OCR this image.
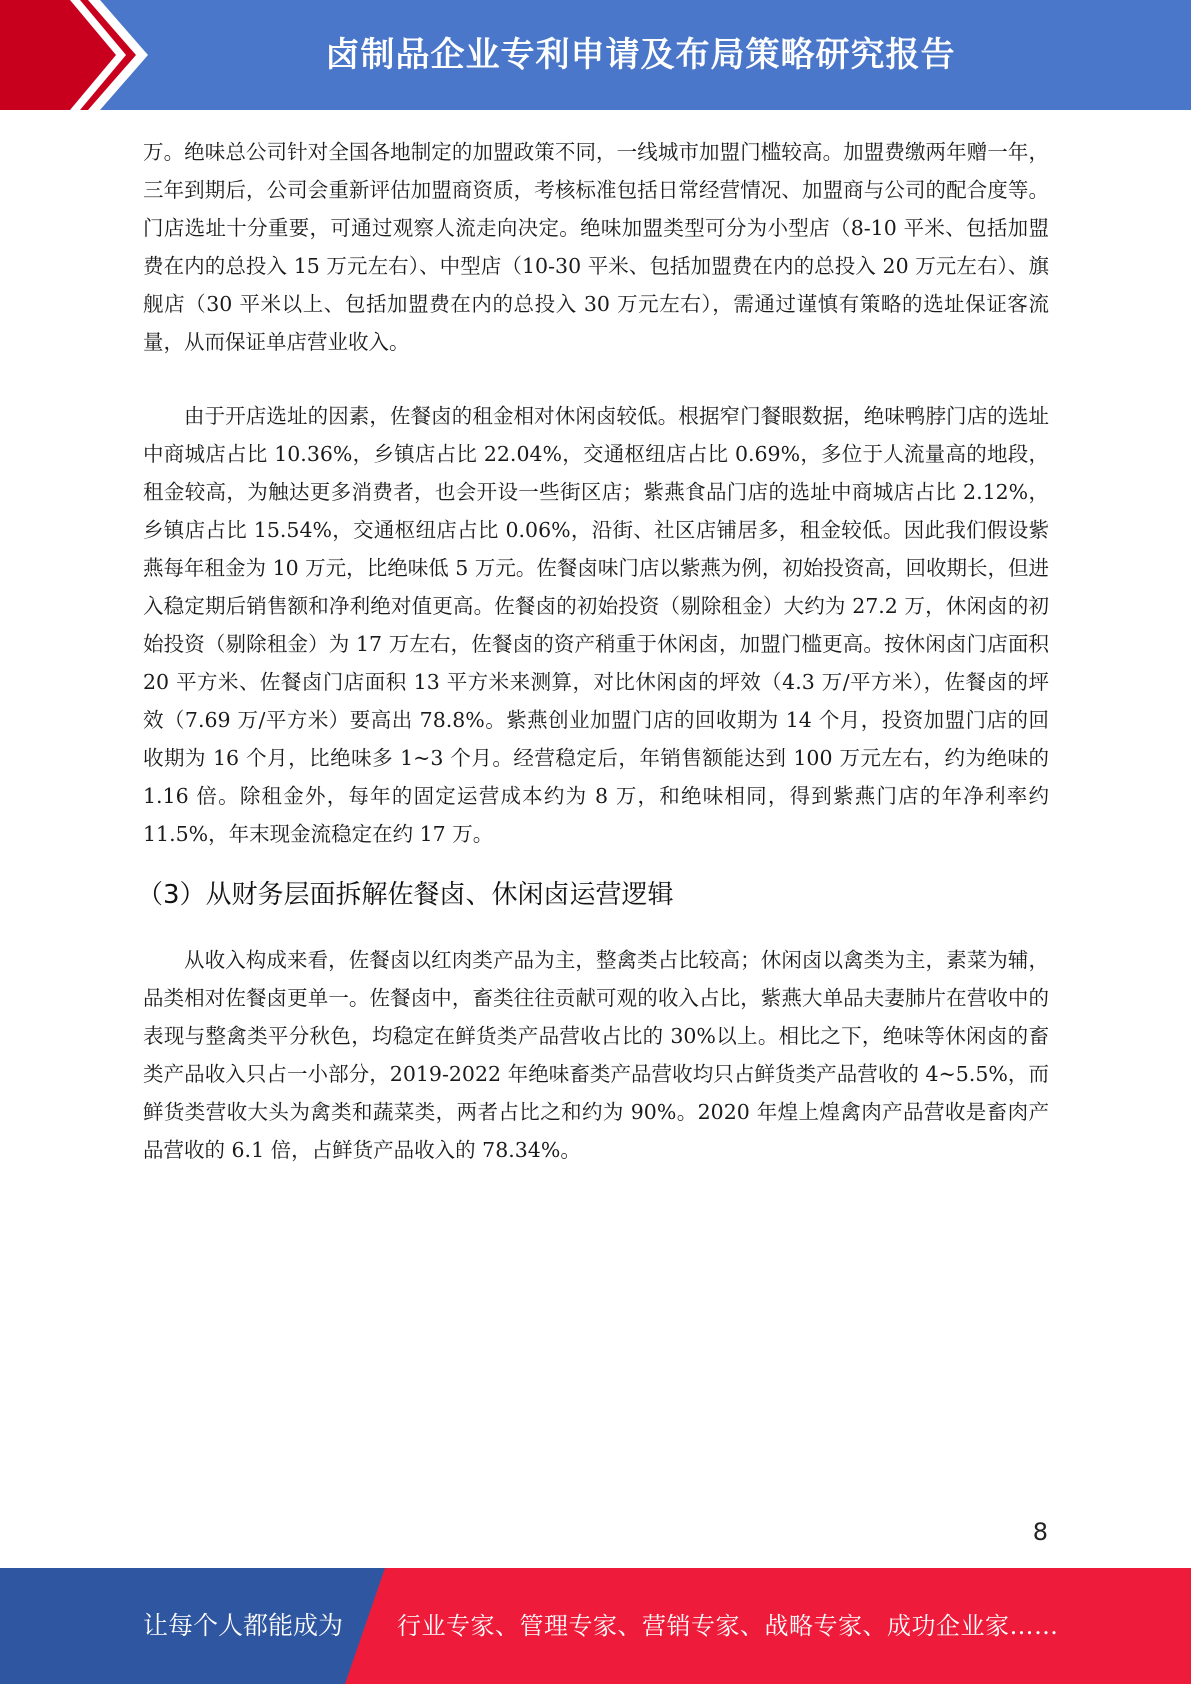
卤制品企业专利申请及布局策略研究报告

万。绝味总公司针对全国各地制定的加盟政策不同，一线城市加盟门槛较高。加盟费缴两年赠一年，三年到期后，公司会重新评估加盟商资质，考核标准包括日常经营情况、加盟商与公司的配合度等。门店选址十分重要，可通过观察人流走向决定。绝味加盟类型可分为小型店（8-10 平米、包括加盟费在内的总投入 15 万元左右）、中型店（10-30 平米、包括加盟费在内的总投入 20 万元左右）、旗舰店（30 平米以上、包括加盟费在内的总投入 30 万元左右），需通过谨慎有策略的选址保证客流量，从而保证单店营业收入。

由于开店选址的因素，佐餐卤的租金相对休闲卤较低。根据窄门餐眼数据，绝味鸭脖门店的选址中商城店占比 10.36%，乡镇店占比 22.04%，交通枢纽店占比 0.69%，多位于人流量高的地段，租金较高，为触达更多消费者，也会开设一些街区店；紫燕食品门店的选址中商城店占比 2.12%，乡镇店占比 15.54%，交通枢纽店占比 0.06%，沿街、社区店铺居多，租金较低。因此我们假设紫燕每年租金为 10 万元，比绝味低 5 万元。佐餐卤味门店以紫燕为例，初始投资高，回收期长，但进入稳定期后销售额和净利绝对值更高。佐餐卤的初始投资（剔除租金）大约为 27.2 万，休闲卤的初始投资（剔除租金）为 17 万左右，佐餐卤的资产稍重于休闲卤，加盟门槛更高。按休闲卤门店面积 20 平方米、佐餐卤门店面积 13 平方米来测算，对比休闲卤的坪效（4.3 万/平方米），佐餐卤的坪效（7.69 万/平方米）要高出 78.8%。紫燕创业加盟门店的回收期为 14 个月，投资加盟门店的回收期为 16 个月，比绝味多 1~3 个月。经营稳定后，年销售额能达到 100 万元左右，约为绝味的 1.16 倍。除租金外，每年的固定运营成本约为 8 万，和绝味相同，得到紫燕门店的年净利率约 11.5%，年末现金流稳定在约 17 万。

（3）从财务层面拆解佐餐卤、休闲卤运营逻辑

从收入构成来看，佐餐卤以红肉类产品为主，整禽类占比较高；休闲卤以禽类为主，素菜为辅，品类相对佐餐卤更单一。佐餐卤中，畜类往往贡献可观的收入占比，紫燕大单品夫妻肺片在营收中的表现与整禽类平分秋色，均稳定在鲜货类产品营收占比的 30%以上。相比之下，绝味等休闲卤的畜类产品收入只占一小部分，2019-2022 年绝味畜类产品营收均只占鲜货类产品营收的 4~5.5%，而鲜货类营收大头为禽类和蔬菜类，两者占比之和约为 90%。2020 年煌上煌禽肉产品营收是畜肉产品营收的 6.1 倍，占鲜货产品收入的 78.34%。

8
让每个人都能成为 行业专家、管理专家、营销专家、战略专家、成功企业家……
